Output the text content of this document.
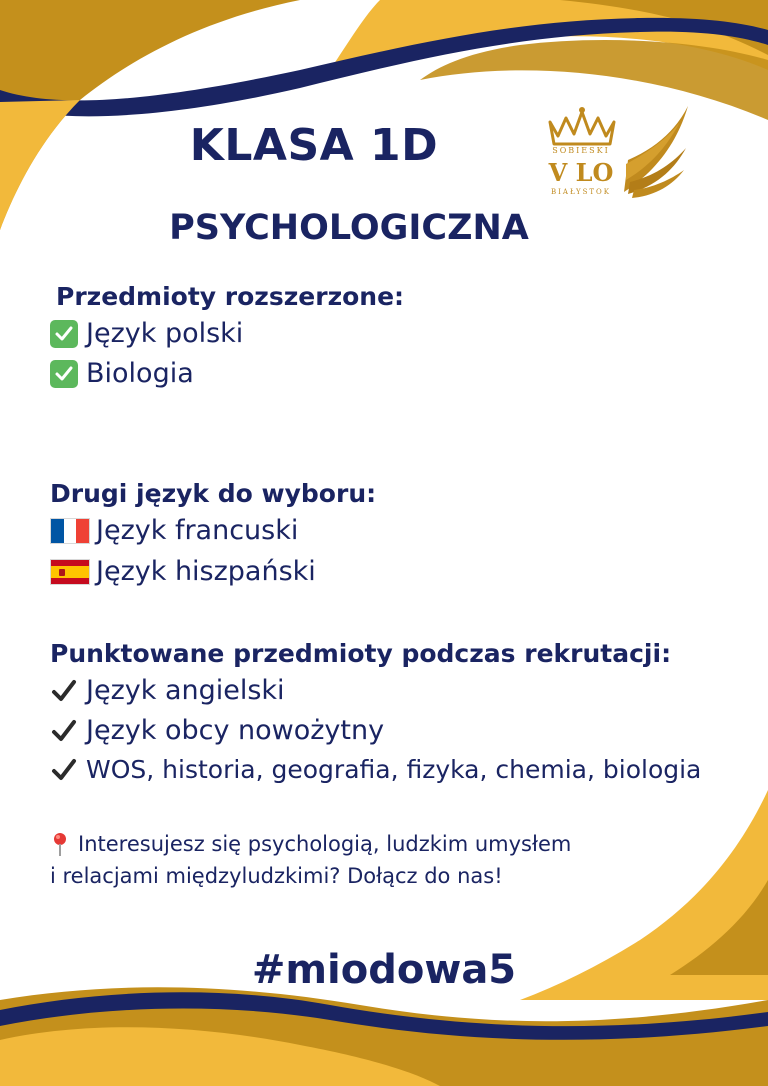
SOBIESKI
V LO
BIAŁYSTOK
KLASA 1D
PSYCHOLOGICZNA
Przedmioty rozszerzone:
Język polski
Biologia
Drugi język do wyboru:
Język francuski
Język hiszpański
Punktowane przedmioty podczas rekrutacji:
Język angielski
Język obcy nowożytny
WOS, historia, geografia, fizyka, chemia, biologia
Interesujesz się psychologią, ludzkim umysłem
i relacjami międzyludzkimi? Dołącz do nas!
#miodowa5
